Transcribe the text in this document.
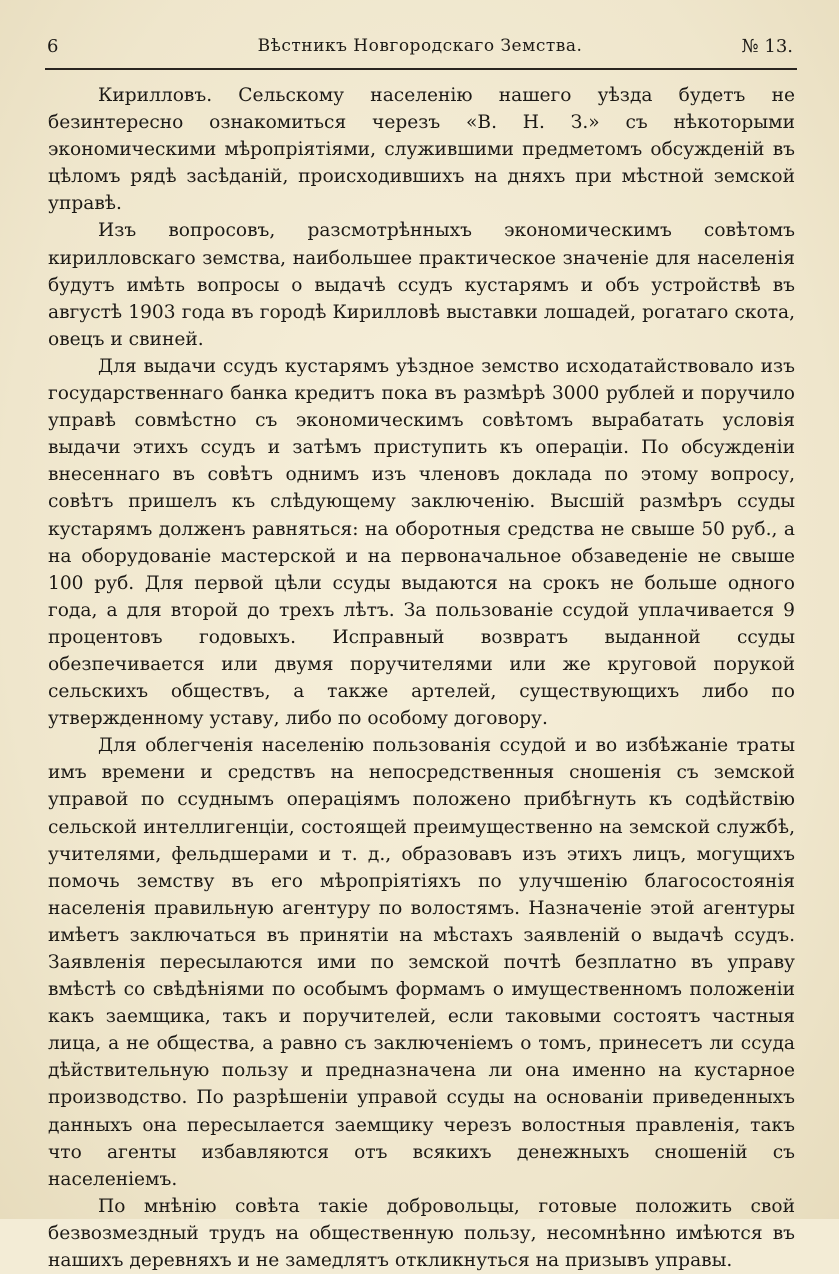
6	Вѣстникъ Новгородскаго Земства.	№ 13.

Кирилловъ. Сельскому населенію нашего уѣзда будетъ не безинтересно ознакомиться черезъ «В. Н. З.» съ нѣкоторыми экономическими мѣропріятіями, служившими предметомъ обсужденій въ цѣломъ рядѣ засѣданій, происходившихъ на дняхъ при мѣстной земской управѣ.

Изъ вопросовъ, разсмотрѣнныхъ экономическимъ совѣтомъ кирилловскаго земства, наибольшее практическое значеніе для населенія будутъ имѣть вопросы о выдачѣ ссудъ кустарямъ и объ устройствѣ въ августѣ 1903 года въ городѣ Кирилловѣ выставки лошадей, рогатаго скота, овецъ и свиней.

Для выдачи ссудъ кустарямъ уѣздное земство исходатайствовало изъ государственнаго банка кредитъ пока въ размѣрѣ 3000 рублей и поручило управѣ совмѣстно съ экономическимъ совѣтомъ вырабатать условія выдачи этихъ ссудъ и затѣмъ приступить къ операціи. По обсужденіи внесеннаго въ совѣтъ однимъ изъ членовъ доклада по этому вопросу, совѣтъ пришелъ къ слѣдующему заключенію. Высшій размѣръ ссуды кустарямъ долженъ равняться: на оборотныя средства не свыше 50 руб., а на оборудованіе мастерской и на первоначальное обзаведеніе не свыше 100 руб. Для первой цѣли ссуды выдаются на срокъ не больше одного года, а для второй до трехъ лѣтъ. За пользованіе ссудой уплачивается 9 процентовъ годовыхъ. Исправный возвратъ выданной ссуды обезпечивается или двумя поручителями или же круговой порукой сельскихъ обществъ, а также артелей, существующихъ либо по утвержденному уставу, либо по особому договору.

Для облегченія населенію пользованія ссудой и во избѣжаніе траты имъ времени и средствъ на непосредственныя сношенія съ земской управой по ссуднымъ операціямъ положено прибѣгнуть къ содѣйствію сельской интеллигенціи, состоящей преимущественно на земской службѣ, учителями, фельдшерами и т. д., образовавъ изъ этихъ лицъ, могущихъ помочь земству въ его мѣропріятіяхъ по улучшенію благосостоянія населенія правильную агентуру по волостямъ. Назначеніе этой агентуры имѣетъ заключаться въ принятіи на мѣстахъ заявленій о выдачѣ ссудъ. Заявленія пересылаются ими по земской почтѣ безплатно въ управу вмѣстѣ со свѣдѣніями по особымъ формамъ о имущественномъ положеніи какъ заемщика, такъ и поручителей, если таковыми состоятъ частныя лица, а не общества, а равно съ заключеніемъ о томъ, принесетъ ли ссуда дѣйствительную пользу и предназначена ли она именно на кустарное производство. По разрѣшеніи управой ссуды на основаніи приведенныхъ данныхъ она пересылается заемщику черезъ волостныя правленія, такъ что агенты избавляются отъ всякихъ денежныхъ сношеній съ населеніемъ.

По мнѣнію совѣта такіе добровольцы, готовые положить свой безвозмездный трудъ на общественную пользу, несомнѣнно имѣются въ нашихъ деревняхъ и не замедлятъ откликнуться на призывъ управы.
